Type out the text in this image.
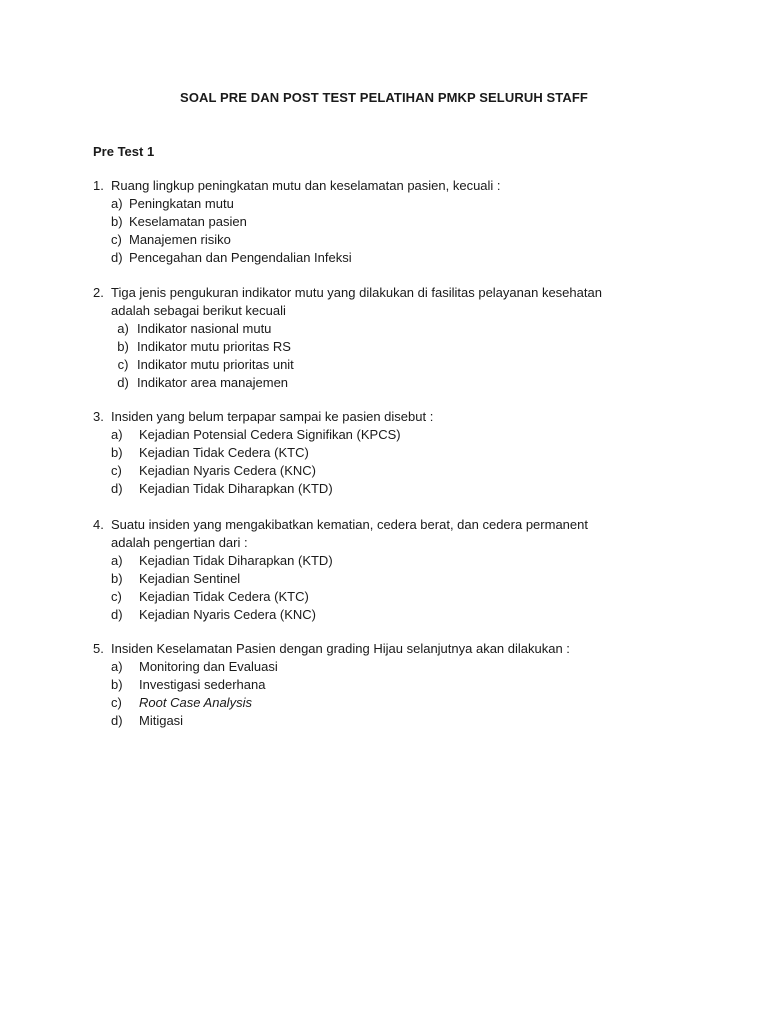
SOAL PRE DAN POST TEST PELATIHAN PMKP SELURUH STAFF
Pre Test 1
1. Ruang lingkup peningkatan mutu dan keselamatan pasien, kecuali :
a) Peningkatan mutu
b) Keselamatan pasien
c) Manajemen risiko
d) Pencegahan dan Pengendalian Infeksi
2. Tiga jenis pengukuran indikator mutu yang dilakukan di fasilitas pelayanan kesehatan
adalah sebagai berikut kecuali
a) Indikator nasional mutu
b) Indikator mutu prioritas RS
c) Indikator mutu prioritas unit
d) Indikator area manajemen
3. Insiden yang belum terpapar sampai ke pasien disebut :
a)	Kejadian Potensial Cedera Signifikan (KPCS)
b)	Kejadian Tidak Cedera (KTC)
c)	Kejadian Nyaris Cedera (KNC)
d)	Kejadian Tidak Diharapkan (KTD)
4. Suatu insiden yang mengakibatkan kematian, cedera berat, dan cedera permanent
adalah pengertian dari :
a)	Kejadian Tidak Diharapkan (KTD)
b)	Kejadian Sentinel
c)	Kejadian Tidak Cedera (KTC)
d)	Kejadian Nyaris Cedera (KNC)
5. Insiden Keselamatan Pasien dengan grading Hijau selanjutnya akan dilakukan :
a)	Monitoring dan Evaluasi
b)	Investigasi sederhana
c)	Root Case Analysis
d)	Mitigasi
